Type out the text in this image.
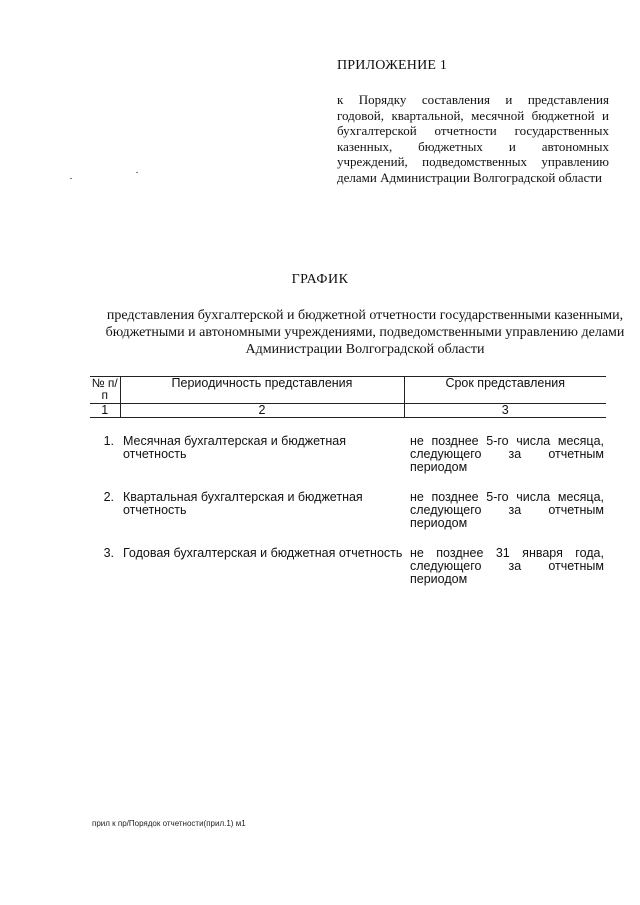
ПРИЛОЖЕНИЕ 1
к Порядку составления и представления годовой, квартальной, месячной бюджетной и бухгалтерской отчетности государственных казенных, бюджетных и автономных учреждений, подведомственных управлению делами Администрации Волгоградской области
ГРАФИК
представления бухгалтерской и бюджетной отчетности государственными казенными, бюджетными и автономными учреждениями, подведомственными управлению делами Администрации Волгоградской области
№ п/п	Периодичность представления	Срок представления
1	2	3

1.	Месячная бухгалтерская и бюджетная отчетность	не позднее 5-го числа месяца, следующего за отчетным периодом

2.	Квартальная бухгалтерская и бюджетная отчетность	не позднее 5-го числа месяца, следующего за отчетным периодом

3.	Годовая бухгалтерская и бюджетная отчетность	не позднее 31 января года, следующего за отчетным периодом
прил к пр/Порядок отчетности(прил.1) м1
